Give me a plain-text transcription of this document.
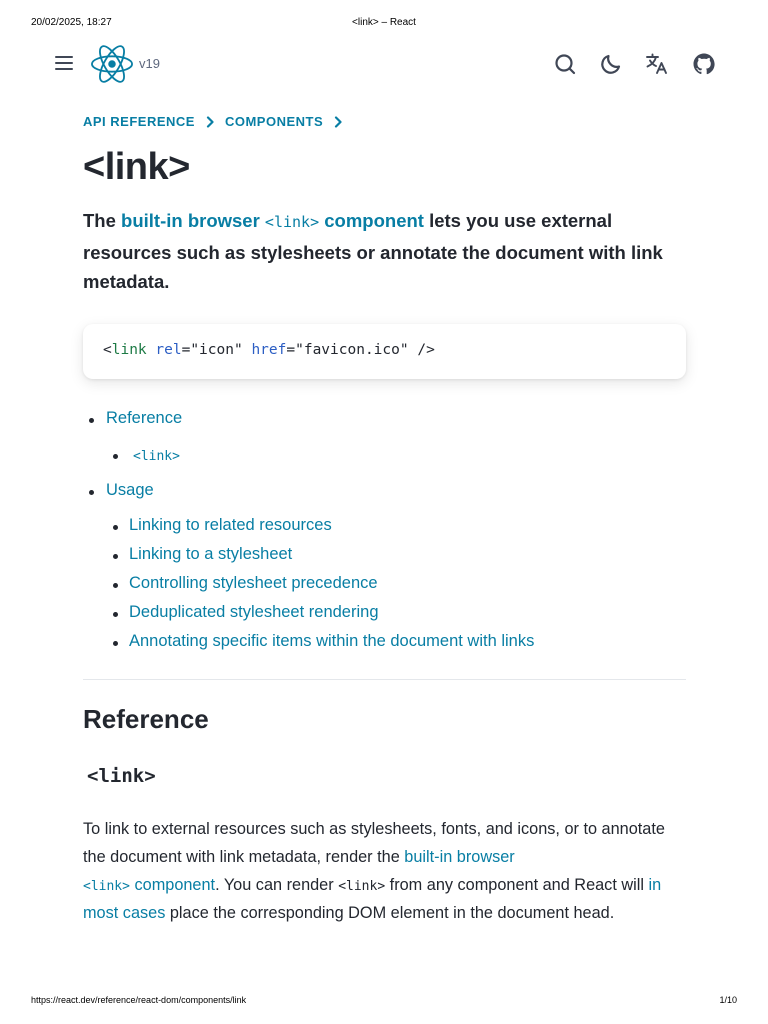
20/02/2025, 18:27	<link> – React
v19
API REFERENCE COMPONENTS
<link>

The built-in browser <link> component lets you use external resources such as stylesheets or annotate the document with link metadata.

<link rel="icon" href="favicon.ico" />
Reference
<link>
Usage
Linking to related resources
Linking to a stylesheet
Controlling stylesheet precedence
Deduplicated stylesheet rendering
Annotating specific items within the document with links
Reference
<link>

To link to external resources such as stylesheets, fonts, and icons, or to annotate the document with link metadata, render the built-in browser
<link> component. You can render <link> from any component and React will in most cases place the corresponding DOM element in the document head.

https://react.dev/reference/react-dom/components/link	1/10
